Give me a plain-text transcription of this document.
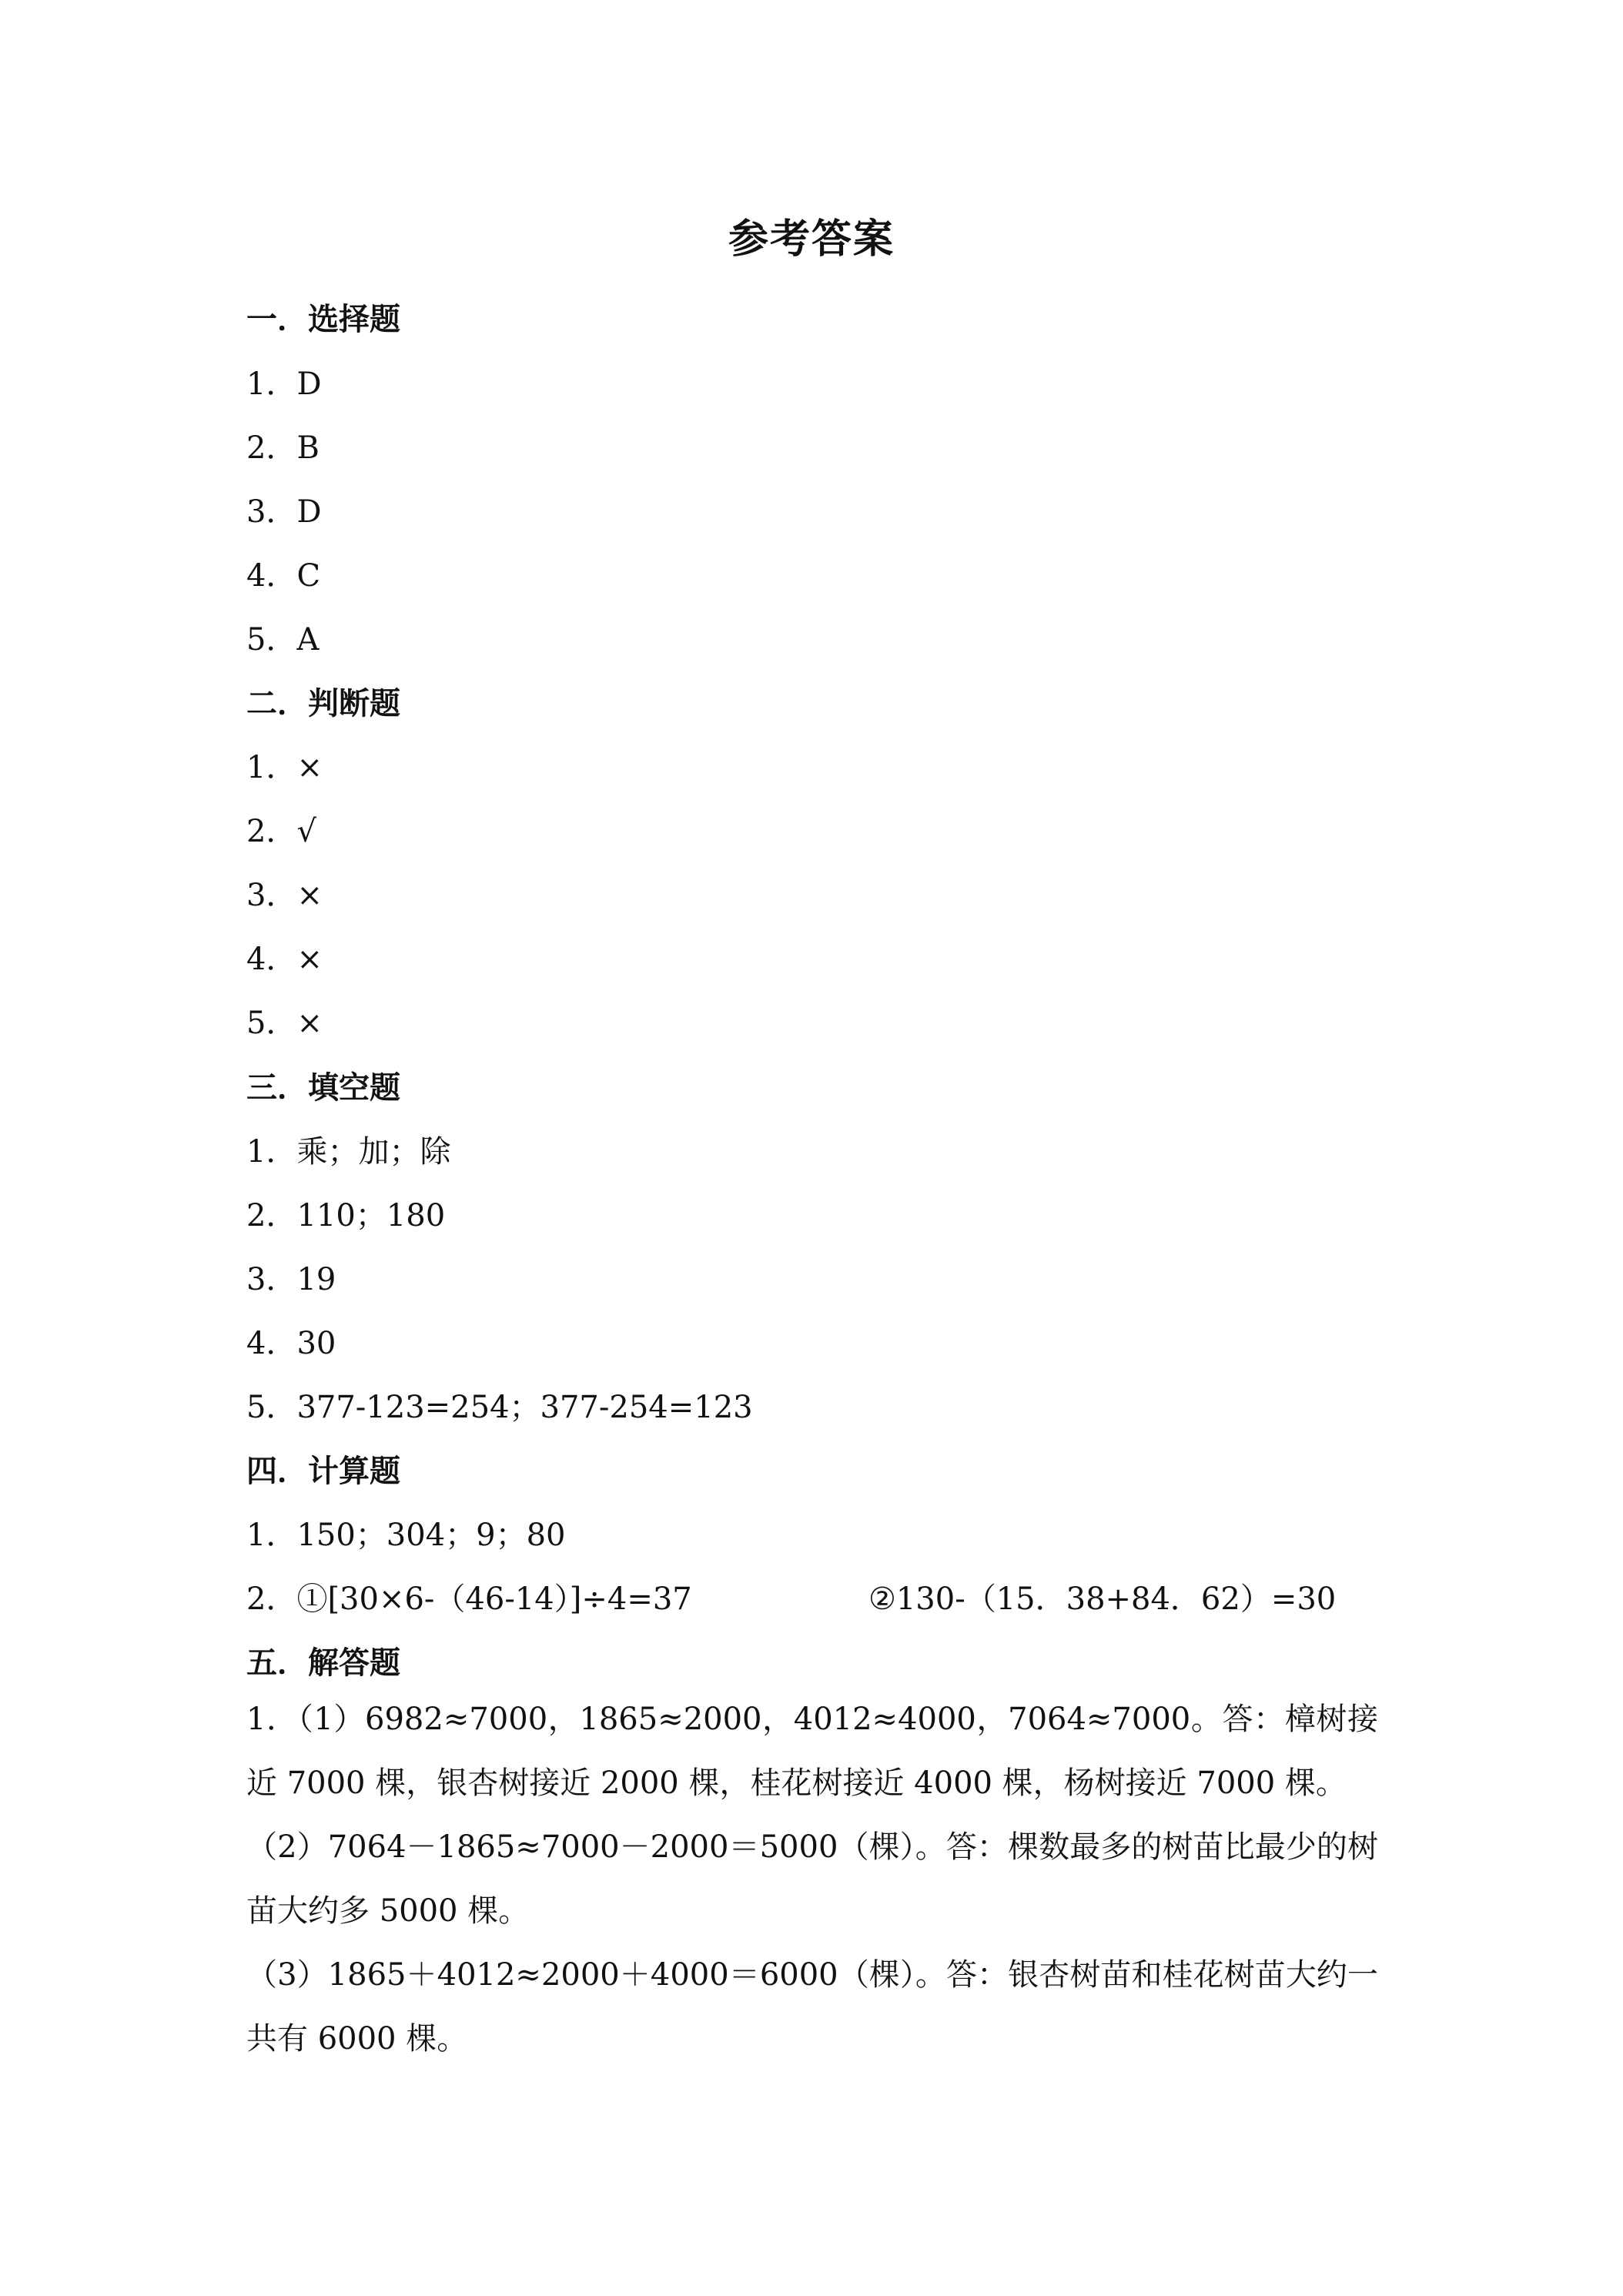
参考答案
一．选择题
1．D
2．B
3．D
4．C
5．A
二．判断题
1．×
2．√
3．×
4．×
5．×
三．填空题
1．乘；加；除
2．110；180
3．19
4．30
5．377-123=254；377-254=123
四．计算题
1．150；304；9；80
2．①[30×6-（46-14）]÷4=37	②130-（15．38+84．62）=30
五．解答题
1．（1）6982≈7000，1865≈2000，4012≈4000，7064≈7000。答：樟树接近 7000 棵，银杏树接近 2000 棵，桂花树接近 4000 棵，杨树接近 7000 棵。
（2）7064－1865≈7000－2000＝5000（棵）。答：棵数最多的树苗比最少的树苗大约多 5000 棵。
（3）1865＋4012≈2000＋4000＝6000（棵）。答：银杏树苗和桂花树苗大约一共有 6000 棵。
